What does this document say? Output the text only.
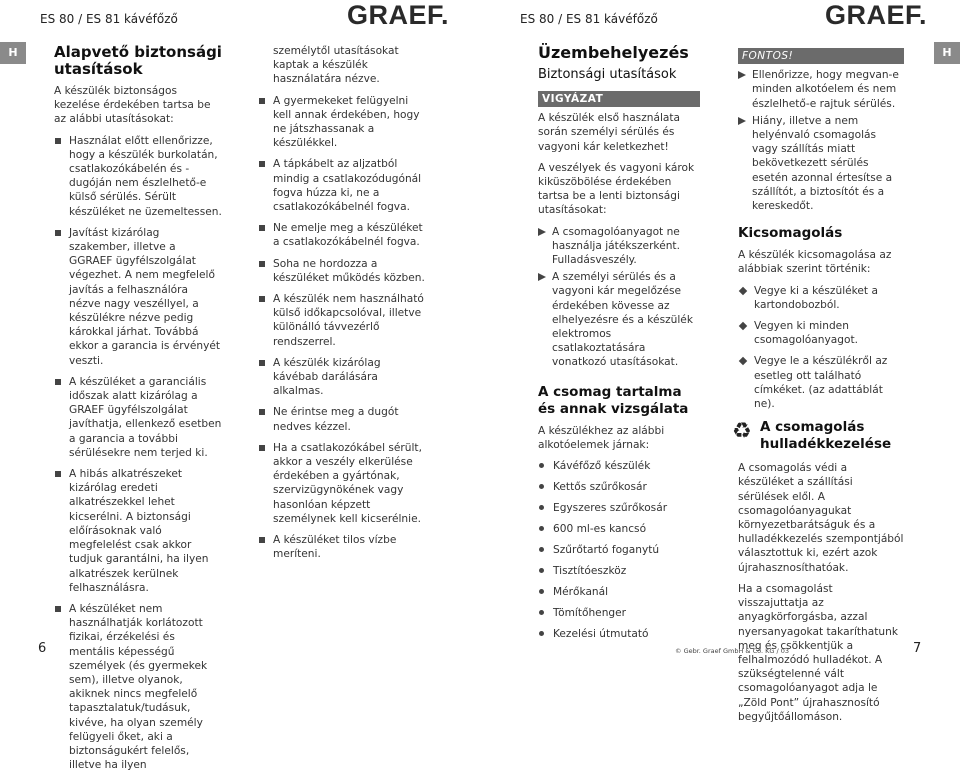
ES 80 / ES 81 kávéfőző	GRAEF.	ES 80 / ES 81 kávéfőző	GRAEF.
H	H
Alapvető biztonsági utasítások

A készülék biztonságos kezelése érdekében tartsa be az alábbi utasításokat:

Használat előtt ellenőrizze, hogy a készülék burkolatán, csatlakozókábelén és -dugóján nem észlelhető-e külső sérülés. Sérült készüléket ne üzemeltessen.
Javítást kizárólag szakember, illetve a GGRAEF ügyfélszolgálat végezhet. A nem megfelelő javítás a felhasználóra nézve nagy veszéllyel, a készülékre nézve pedig károkkal járhat. Továbbá ekkor a garancia is érvényét veszti.
A készüléket a garanciális időszak alatt kizárólag a GRAEF ügyfélszolgálat javíthatja, ellenkező esetben a garancia a további sérülésekre nem terjed ki.
A hibás alkatrészeket kizárólag eredeti alkatrészekkel lehet kicserélni. A biztonsági előírásoknak való megfelelést csak akkor tudjuk garantálni, ha ilyen alkatrészek kerülnek felhasználásra.
A készüléket nem használhatják korlátozott fizikai, érzékelési és mentális képességű személyek (és gyermekek sem), illetve olyanok, akiknek nincs megfelelő tapasztalatuk/tudásuk, kivéve, ha olyan személy felügyeli őket, aki a biztonságukért felelős, illetve ha ilyen

személytől utasításokat kaptak a készülék használatára nézve.

A gyermekeket felügyelni kell annak érdekében, hogy ne játszhassanak a készülékkel.
A tápkábelt az aljzatból mindig a csatlakozódugónál fogva húzza ki, ne a csatlakozókábelnél fogva.
Ne emelje meg a készüléket a csatlakozókábelnél fogva.
Soha ne hordozza a készüléket működés közben.
A készülék nem használható külső időkapcsolóval, illetve különálló távvezérlő rendszerrel.
A készülék kizárólag kávébab darálására alkalmas.
Ne érintse meg a dugót nedves kézzel.
Ha a csatlakozókábel sérült, akkor a veszély elkerülése érdekében a gyártónak, szervizügynökének vagy hasonlóan képzett személynek kell kicserélnie.
A készüléket tilos vízbe meríteni.
Üzembehelyezés
Biztonsági utasítások
VIGYÁZAT

A készülék első használata során személyi sérülés és vagyoni kár keletkezhet!

A veszélyek és vagyoni károk kiküszöbölése érdekében tartsa be a lenti biztonsági utasításokat:

A csomagolóanyagot ne használja játékszerként. Fulladásveszély.
A személyi sérülés és a vagyoni kár megelőzése érdekében kövesse az elhelyezésre és a készülék elektromos csatlakoztatására vonatkozó utasításokat.
A csomag tartalma és annak vizsgálata

A készülékhez az alábbi alkotóelemek járnak:

Kávéfőző készülék
Kettős szűrőkosár
Egyszeres szűrőkosár
600 ml-es kancsó
Szűrőtartó foganytú
Tisztítóeszköz
Mérőkanál
Tömítőhenger
Kezelési útmutató
FONTOS!
Ellenőrizze, hogy megvan-e minden alkotóelem és nem észlelhető-e rajtuk sérülés.
Hiány, illetve a nem helyénvaló csomagolás vagy szállítás miatt bekövetkezett sérülés esetén azonnal értesítse a szállítót, a biztosítót és a kereskedőt.
Kicsomagolás

A készülék kicsomagolása az alábbiak szerint történik:

Vegye ki a készüléket a kartondobozból.
Vegyen ki minden csomagolóanyagot.
Vegye le a készülékről az esetleg ott található címkéket. (az adattáblát ne).
♻ A csomagolás hulladékkezelése

A csomagolás védi a készüléket a szállítási sérülések elől. A csomagolóanyagukat környezetbarátságuk és a hulladékkezelés szempontjából választottuk ki, ezért azok újrahasznosíthatóak.

Ha a csomagolást visszajuttatja az anyagkörforgásba, azzal nyersanyagokat takaríthatunk meg és csökkentjük a felhalmozódó hulladékot. A szükségtelenné vált csomagolóanyagot adja le „Zöld Pont” újrahasznosító begyűjtőállomáson.

6	© Gebr. Graef GmbH & Co. KG / 03	7
